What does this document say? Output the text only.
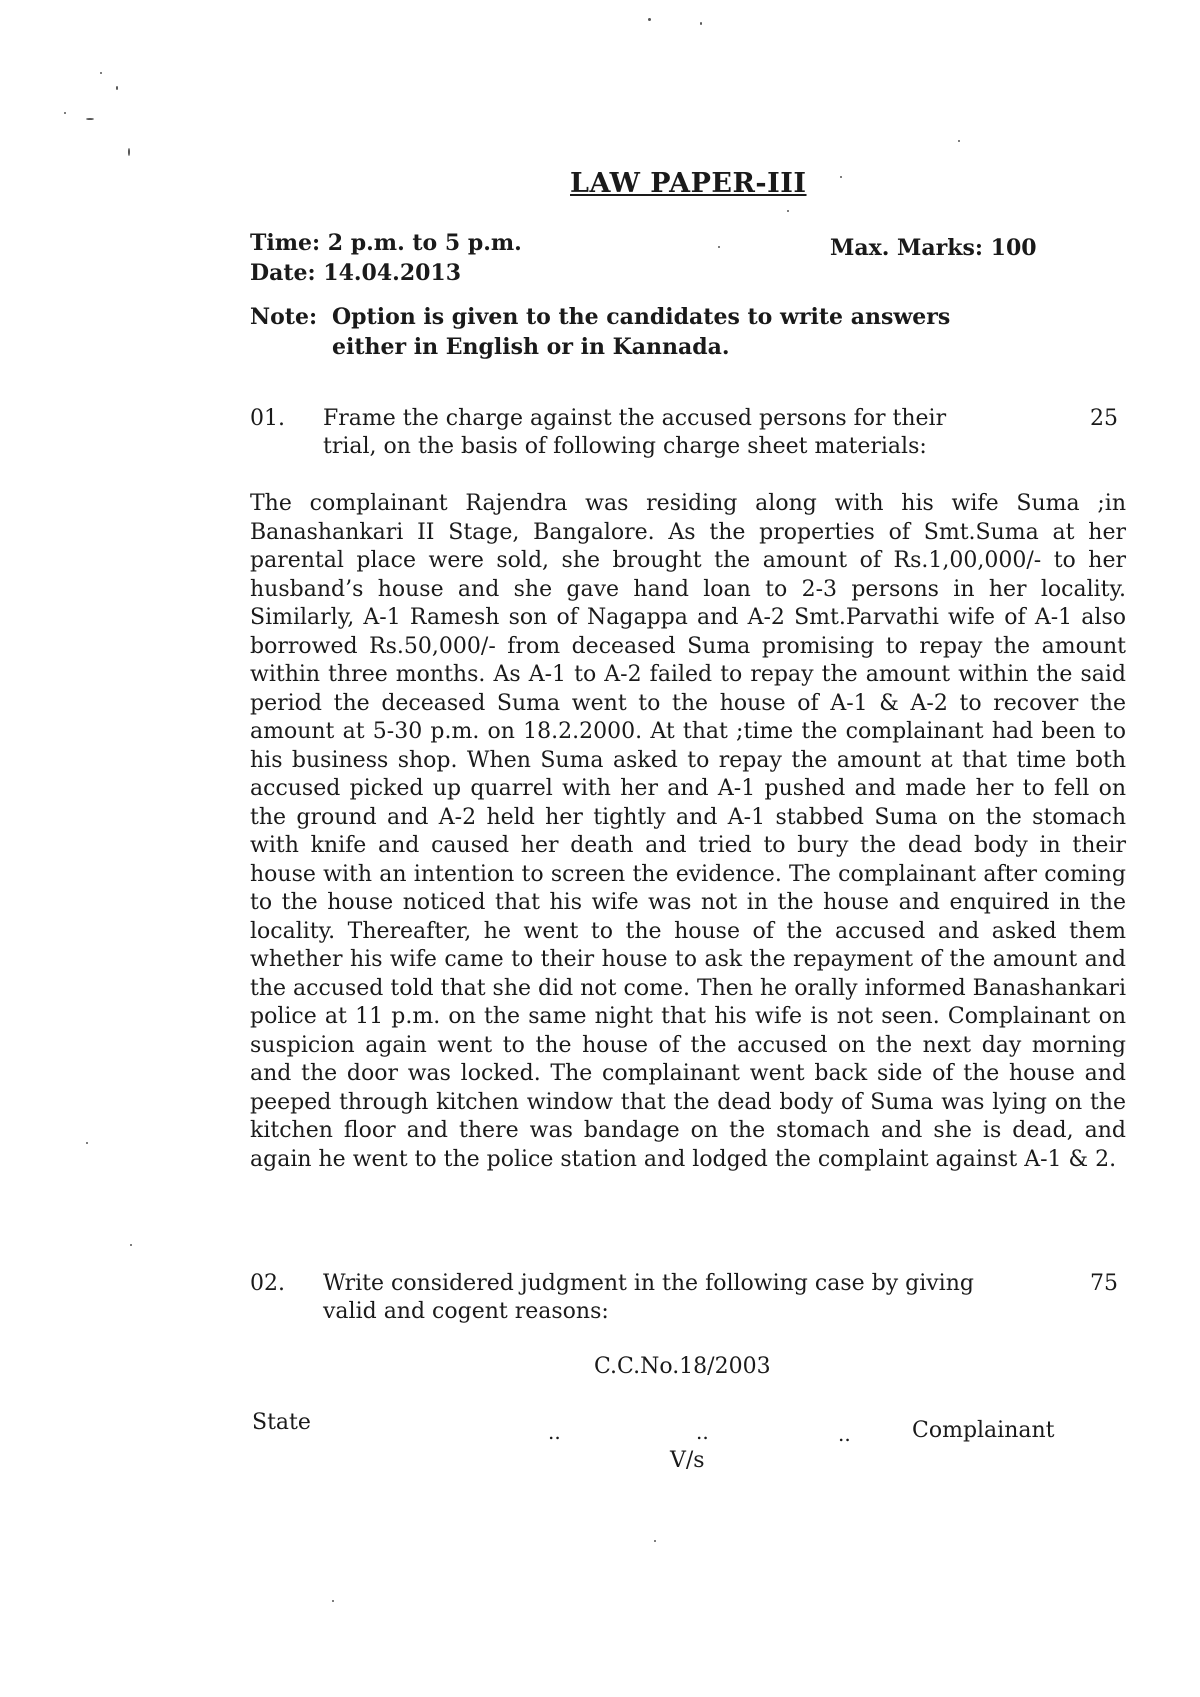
LAW PAPER-III
Time: 2 p.m. to 5 p.m.
Date: 14.04.2013
Max. Marks: 100
Note: Option is given to the candidates to write answers either in English or in Kannada.
01. Frame the charge against the accused persons for their trial, on the basis of following charge sheet materials:
25
The complainant Rajendra was residing along with his wife Suma ;in Banashankari II Stage, Bangalore. As the properties of Smt.Suma at her parental place were sold, she brought the amount of Rs.1,00,000/- to her husband’s house and she gave hand loan to 2-3 persons in her locality. Similarly, A-1 Ramesh son of Nagappa and A-2 Smt.Parvathi wife of A-1 also borrowed Rs.50,000/- from deceased Suma promising to repay the amount within three months. As A-1 to A-2 failed to repay the amount within the said period the deceased Suma went to the house of A-1 & A-2 to recover the amount at 5-30 p.m. on 18.2.2000. At that ;time the complainant had been to his business shop. When Suma asked to repay the amount at that time both accused picked up quarrel with her and A-1 pushed and made her to fell on the ground and A-2 held her tightly and A-1 stabbed Suma on the stomach with knife and caused her death and tried to bury the dead body in their house with an intention to screen the evidence. The complainant after coming to the house noticed that his wife was not in the house and enquired in the locality. Thereafter, he went to the house of the accused and asked them whether his wife came to their house to ask the repayment of the amount and the accused told that she did not come. Then he orally informed Banashankari police at 11 p.m. on the same night that his wife is not seen. Complainant on suspicion again went to the house of the accused on the next day morning and the door was locked. The complainant went back side of the house and peeped through kitchen window that the dead body of Suma was lying on the kitchen floor and there was bandage on the stomach and she is dead, and again he went to the police station and lodged the complaint against A-1 & 2.
02. Write considered judgment in the following case by giving valid and cogent reasons:
75
C.C.No.18/2003
State	..	..	..	Complainant
V/s
